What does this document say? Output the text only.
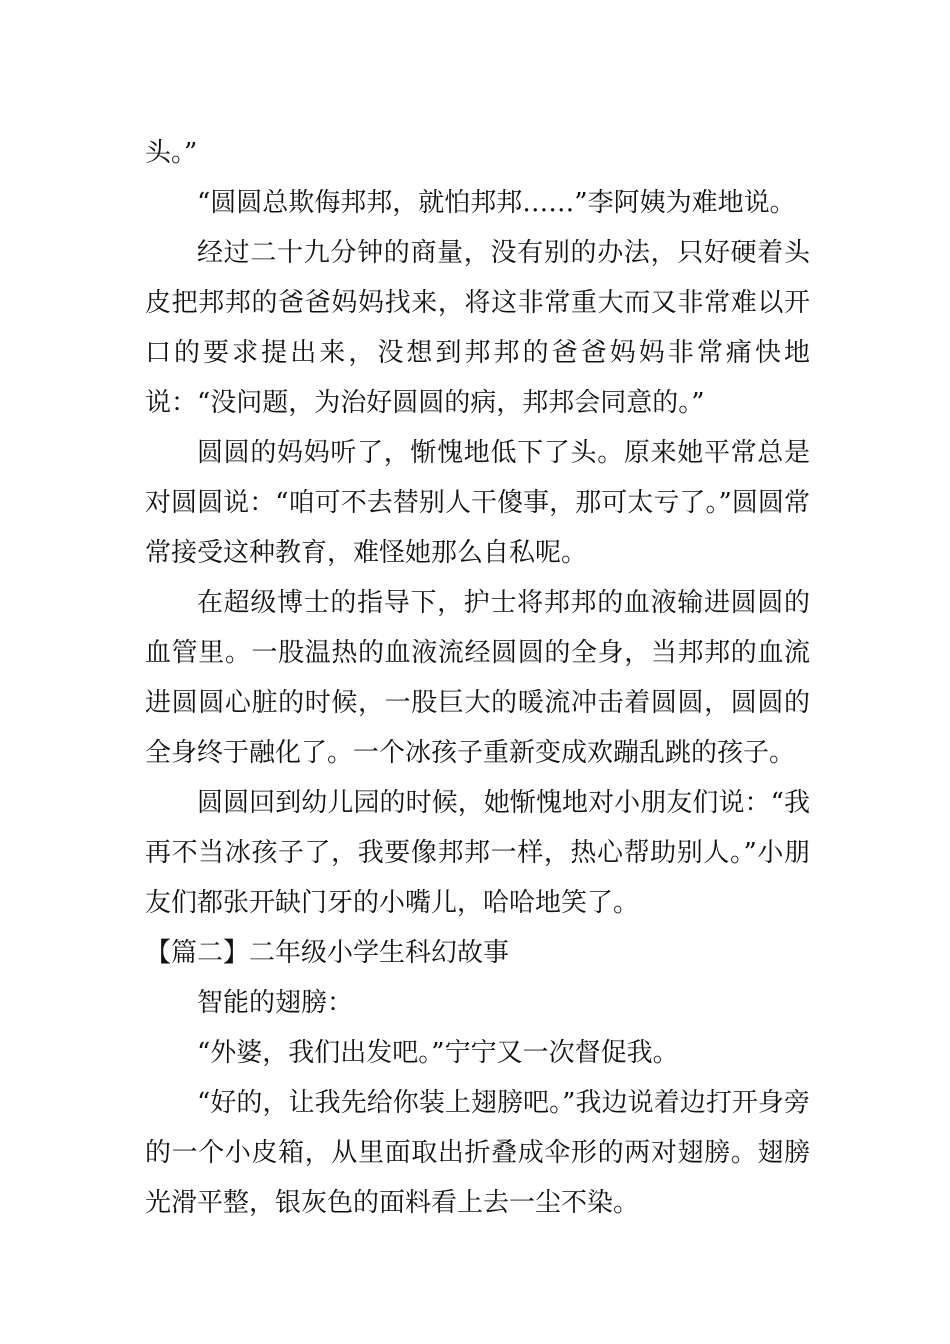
头。”

“圆圆总欺侮邦邦，就怕邦邦……”李阿姨为难地说。

经过二十九分钟的商量，没有别的办法，只好硬着头皮把邦邦的爸爸妈妈找来，将这非常重大而又非常难以开口的要求提出来，没想到邦邦的爸爸妈妈非常痛快地说：“没问题，为治好圆圆的病，邦邦会同意的。”

圆圆的妈妈听了，惭愧地低下了头。原来她平常总是对圆圆说：“咱可不去替别人干傻事，那可太亏了。”圆圆常常接受这种教育，难怪她那么自私呢。

在超级博士的指导下，护士将邦邦的血液输进圆圆的血管里。一股温热的血液流经圆圆的全身，当邦邦的血流进圆圆心脏的时候，一股巨大的暖流冲击着圆圆，圆圆的全身终于融化了。一个冰孩子重新变成欢蹦乱跳的孩子。

圆圆回到幼儿园的时候，她惭愧地对小朋友们说：“我再不当冰孩子了，我要像邦邦一样，热心帮助别人。”小朋友们都张开缺门牙的小嘴儿，哈哈地笑了。

【篇二】二年级小学生科幻故事

智能的翅膀：

“外婆，我们出发吧。”宁宁又一次督促我。

“好的，让我先给你装上翅膀吧。”我边说着边打开身旁的一个小皮箱，从里面取出折叠成伞形的两对翅膀。翅膀光滑平整，银灰色的面料看上去一尘不染。
